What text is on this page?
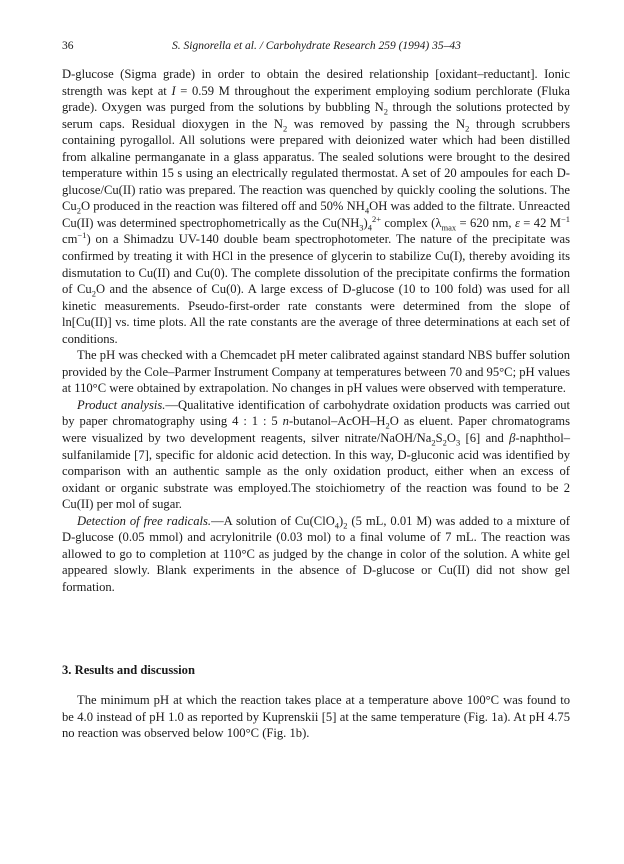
36	S. Signorella et al. / Carbohydrate Research 259 (1994) 35–43

D-glucose (Sigma grade) in order to obtain the desired relationship [oxidant–reductant]. Ionic strength was kept at I = 0.59 M throughout the experiment employing sodium perchlorate (Fluka grade). Oxygen was purged from the solutions by bubbling $N_2$ through the solutions protected by serum caps. Residual dioxygen in the $N_2$ was removed by passing the $N_2$ through scrubbers containing pyrogallol. All solutions were prepared with deionized water which had been distilled from alkaline permanganate in a glass apparatus. The sealed solutions were brought to the desired temperature within 15 s using an electrically regulated thermostat. A set of 20 ampoules for each D-glucose/Cu(II) ratio was prepared. The reaction was quenched by quickly cooling the solutions. The $Cu_2O$ produced in the reaction was filtered off and 50% $NH_4OH$ was added to the filtrate. Unreacted Cu(II) was determined spectrophometrically as the $Cu(NH_3)_4^{2+}$ complex ($\lambda_{max} = 620$ nm, ε = 42 $M^{-1}$ $cm^{-1}$) on a Shimadzu UV-140 double beam spectrophotometer. The nature of the precipitate was confirmed by treating it with HCl in the presence of glycerin to stabilize Cu(I), thereby avoiding its dismutation to Cu(II) and Cu(0). The complete dissolution of the precipitate confirms the formation of $Cu_2O$ and the absence of Cu(0). A large excess of D-glucose (10 to 100 fold) was used for all kinetic measurements. Pseudo-first-order rate constants were determined from the slope of ln[Cu(II)] vs. time plots. All the rate constants are the average of three determinations at each set of conditions.

The pH was checked with a Chemcadet pH meter calibrated against standard NBS buffer solution provided by the Cole–Parmer Instrument Company at temperatures between 70 and 95°C; pH values at 110°C were obtained by extrapolation. No changes in pH values were observed with temperature.

Product analysis.—Qualitative identification of carbohydrate oxidation products was carried out by paper chromatography using 4 : 1 : 5 $n-butanol-AcOH-H_2O$ as eluent. Paper chromatograms were visualized by two development reagents, silver nitrate/$NaOH/Na_2S_2O_3$ [6] and β-naphthol–sulfanilamide [7], specific for aldonic acid detection. In this way, D-gluconic acid was identified by comparison with an authentic sample as the only oxidation product, either when an excess of oxidant or organic substrate was employed.The stoichiometry of the reaction was found to be 2 Cu(II) per mol of sugar.

Detection of free radicals.—A solution of $Cu(ClO_4)_2$ (5 mL, 0.01 M) was added to a mixture of D-glucose (0.05 mmol) and acrylonitrile (0.03 mol) to a final volume of 7 mL. The reaction was allowed to go to completion at 110°C as judged by the change in color of the solution. A white gel appeared slowly. Blank experiments in the absence of D-glucose or Cu(II) did not show gel formation.

3. Results and discussion

The minimum pH at which the reaction takes place at a temperature above 100°C was found to be 4.0 instead of pH 1.0 as reported by Kuprenskii [5] at the same temperature (Fig. 1a). At pH 4.75 no reaction was observed below 100°C (Fig. 1b).
